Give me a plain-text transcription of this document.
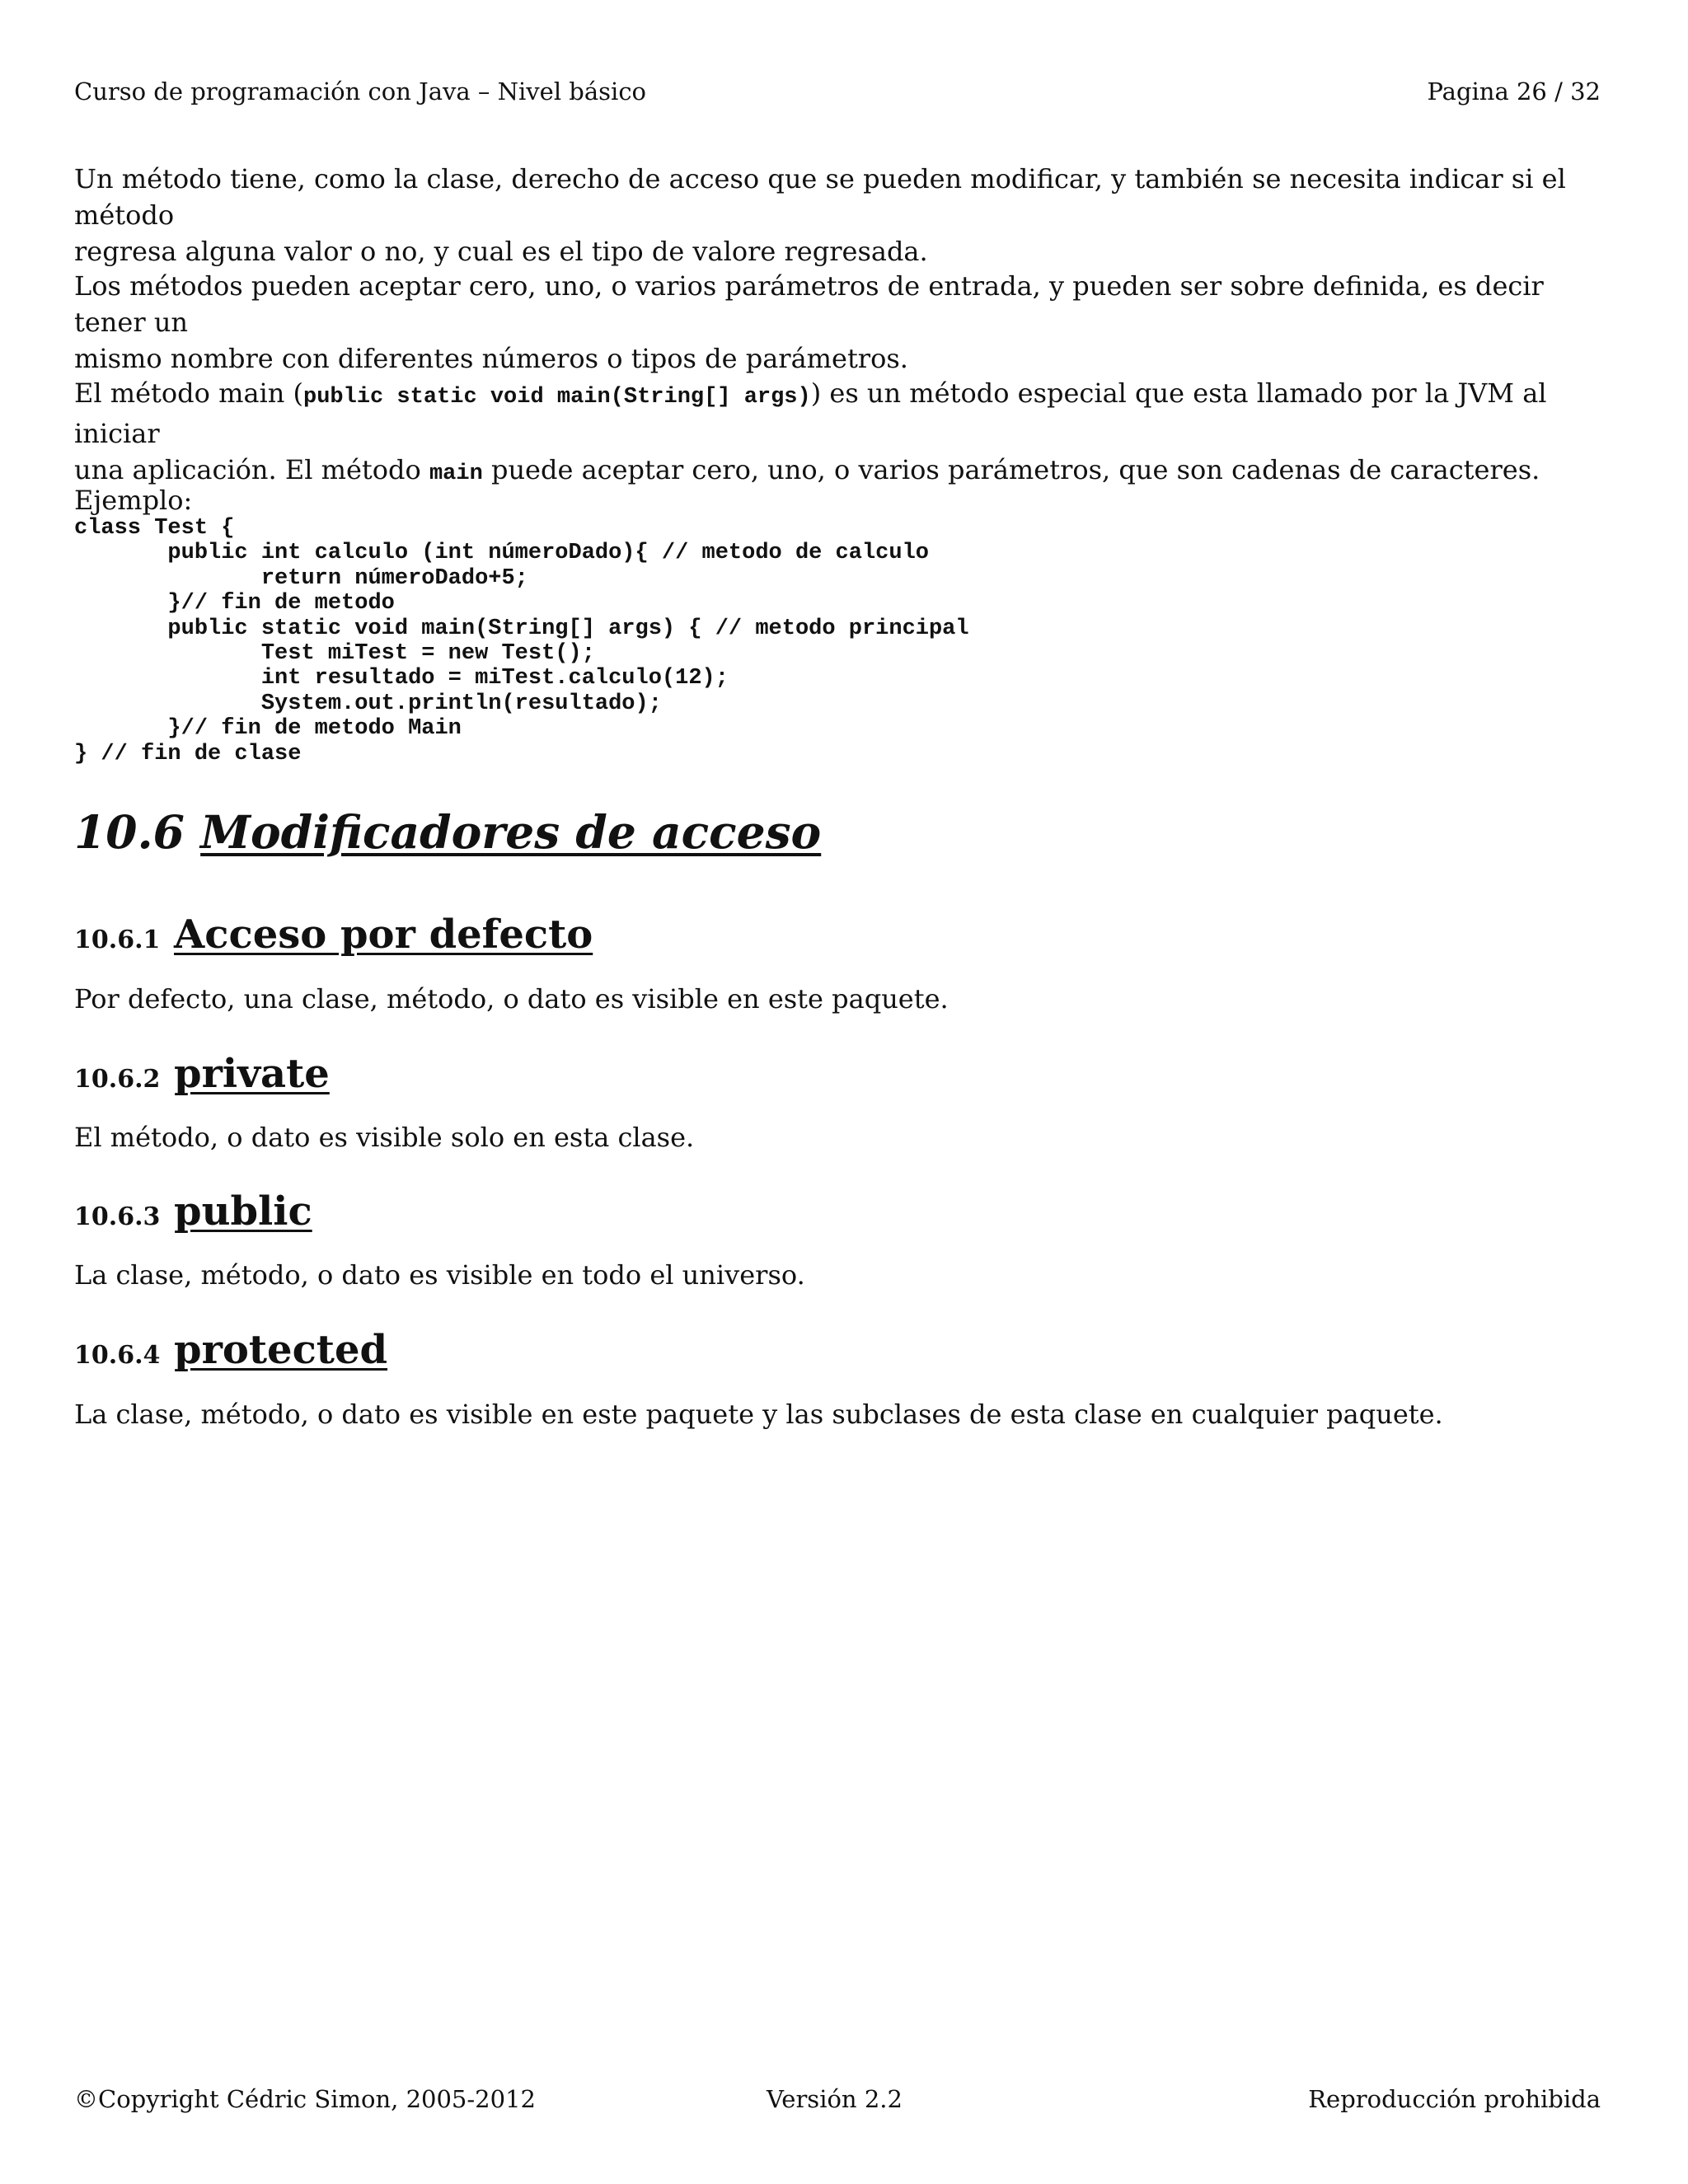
Curso de programación con Java – Nivel básico	Pagina 26 / 32
Un método tiene, como la clase, derecho de acceso que se pueden modificar, y también se necesita indicar si el método
regresa alguna valor o no, y cual es el tipo de valore regresada.
Los métodos pueden aceptar cero, uno, o varios parámetros de entrada, y pueden ser sobre definida, es decir tener un
mismo nombre con diferentes números o tipos de parámetros.
El método main (public static void main(String[] args)) es un método especial que esta llamado por la JVM al iniciar
una aplicación. El método main puede aceptar cero, uno, o varios parámetros, que son cadenas de caracteres.
Ejemplo:
class Test {
public int calculo (int númeroDado){ // metodo de calculo
return númeroDado+5;
}// fin de metodo
public static void main(String[] args) { // metodo principal
Test miTest = new Test();
int resultado = miTest.calculo(12);
System.out.println(resultado);
}// fin de metodo Main
} // fin de clase
10.6 Modificadores de acceso
10.6.1 Acceso por defecto
Por defecto, una clase, método, o dato es visible en este paquete.
10.6.2 private
El método, o dato es visible solo en esta clase.
10.6.3 public
La clase, método, o dato es visible en todo el universo.
10.6.4 protected
La clase, método, o dato es visible en este paquete y las subclases de esta clase en cualquier paquete.
©Copyright Cédric Simon, 2005-2012	Versión 2.2	Reproducción prohibida
